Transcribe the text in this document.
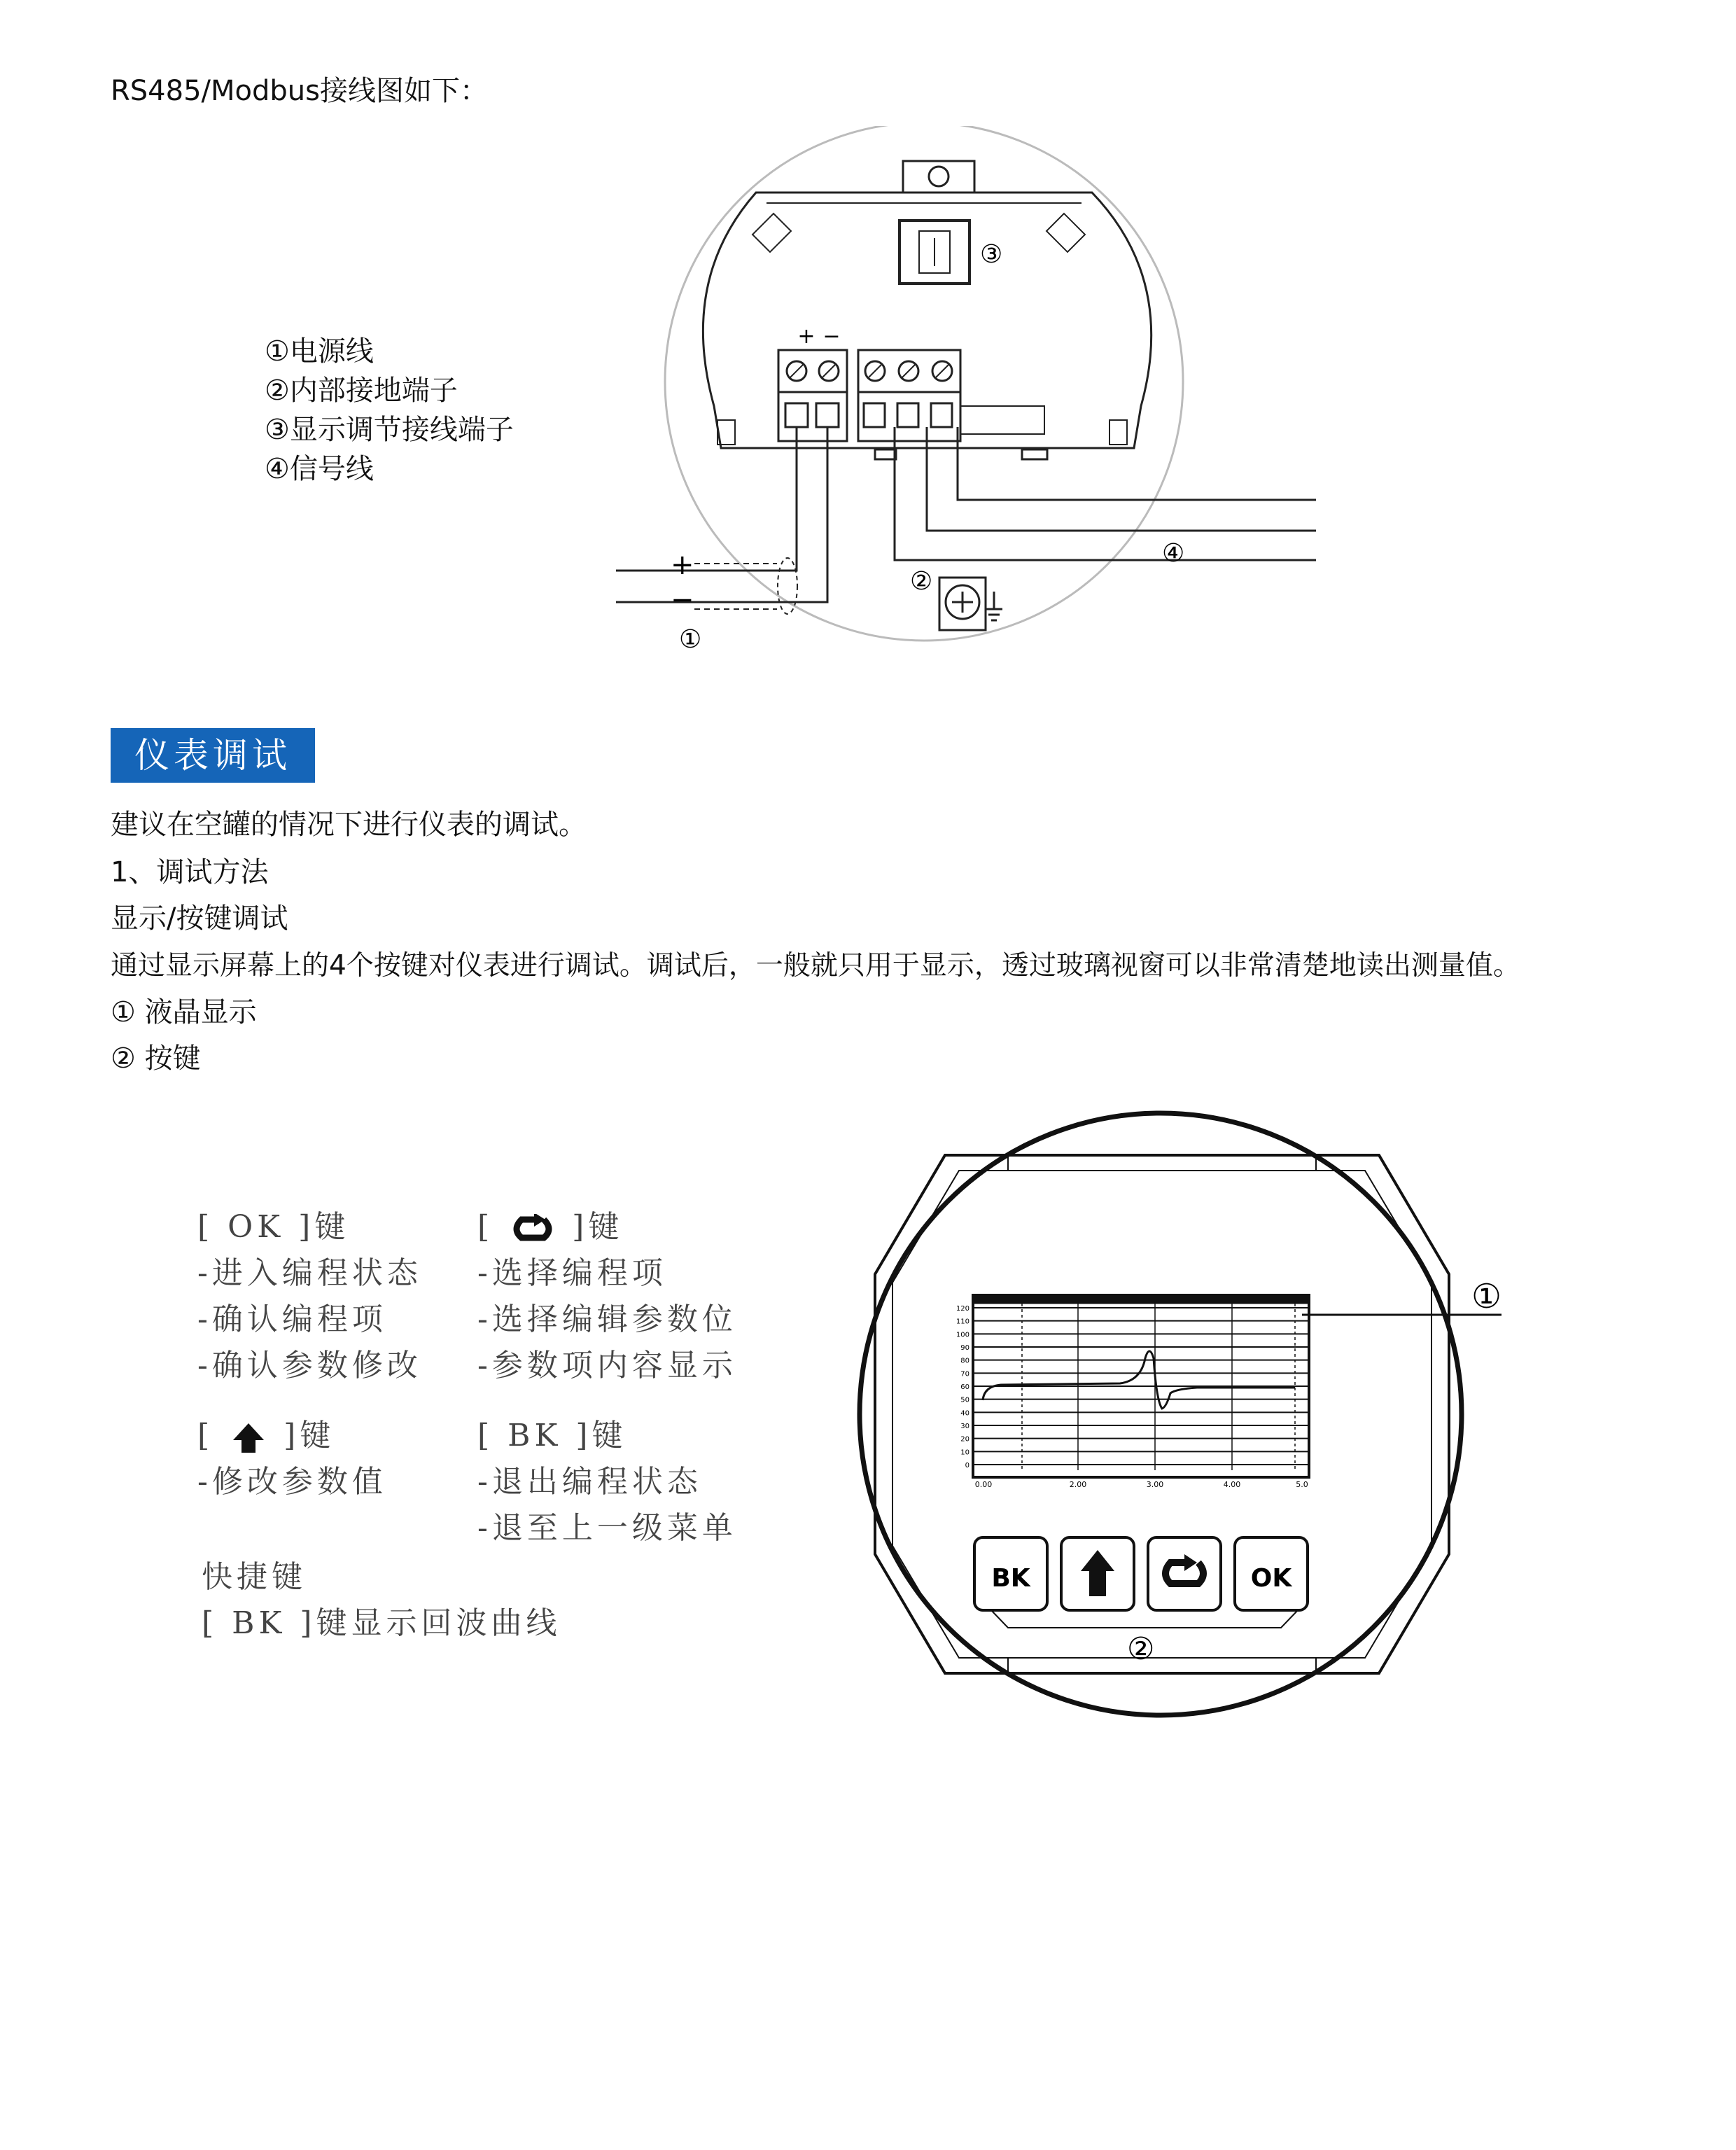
RS485/Modbus接线图如下：
①电源线
②内部接地端子
③显示调节接线端子
④信号线
+ −
③
+
−
①
②
④
仪表调试
建议在空罐的情况下进行仪表的调试。
1、调试方法
显示/按键调试
通过显示屏幕上的4个按键对仪表进行调试。调试后，一般就只用于显示，透过玻璃视窗可以非常清楚地读出测量值。
① 液晶显示
② 按键
[ OK ]键
-进入编程状态
-确认编程项
-确认参数修改
[	]键
-选择编程项
-选择编辑参数位
-参数项内容显示
[ ]键
-修改参数值
[ BK ]键
-退出编程状态
-退至上一级菜单
快捷键
[ BK ]键显示回波曲线
120
110
100
90
80
70
60
50
40
30
20
10
0
0.00	2.00	3.00	4.00	5.0
BK	OK
①
②
